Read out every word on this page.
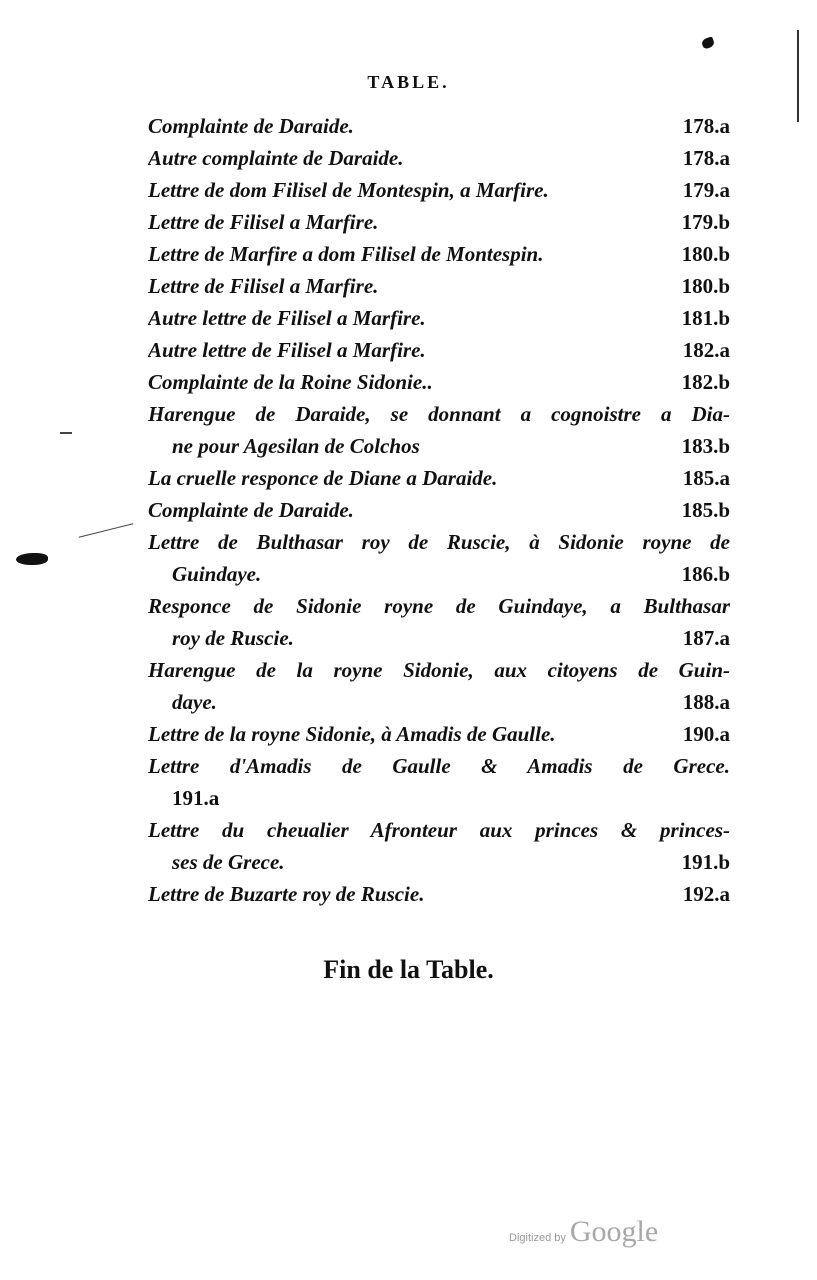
TABLE.
Complainte de Daraide.	178.a
Autre complainte de Daraide.	178.a
Lettre de dom Filisel de Montespin, a Marfire.	179.a
Lettre de Filisel a Marfire.	179.b
Lettre de Marfire a dom Filisel de Montespin.	180.b
Lettre de Filisel a Marfire.	180.b
Autre lettre de Filisel a Marfire.	181.b
Autre lettre de Filisel a Marfire.	182.a
Complainte de la Roine Sidonie..	182.b
Harengue de Daraide, se donnant a cognoistre a Dia-
ne pour Agesilan de Colchos	183.b
La cruelle responce de Diane a Daraide.	185.a
Complainte de Daraide.	185.b
Lettre de Bulthasar roy de Ruscie, à Sidonie royne de
Guindaye.	186.b
Responce de Sidonie royne de Guindaye, a Bulthasar
roy de Ruscie.	187.a
Harengue de la royne Sidonie, aux citoyens de Guin-
daye.	188.a
Lettre de la royne Sidonie, à Amadis de Gaulle.	190.a
Lettre d'Amadis de Gaulle & Amadis de Grece.
191.a
Lettre du cheualier Afronteur aux princes & princes-
ses de Grece.	191.b
Lettre de Buzarte roy de Ruscie.	192.a
Fin de la Table.
Digitized by Google
